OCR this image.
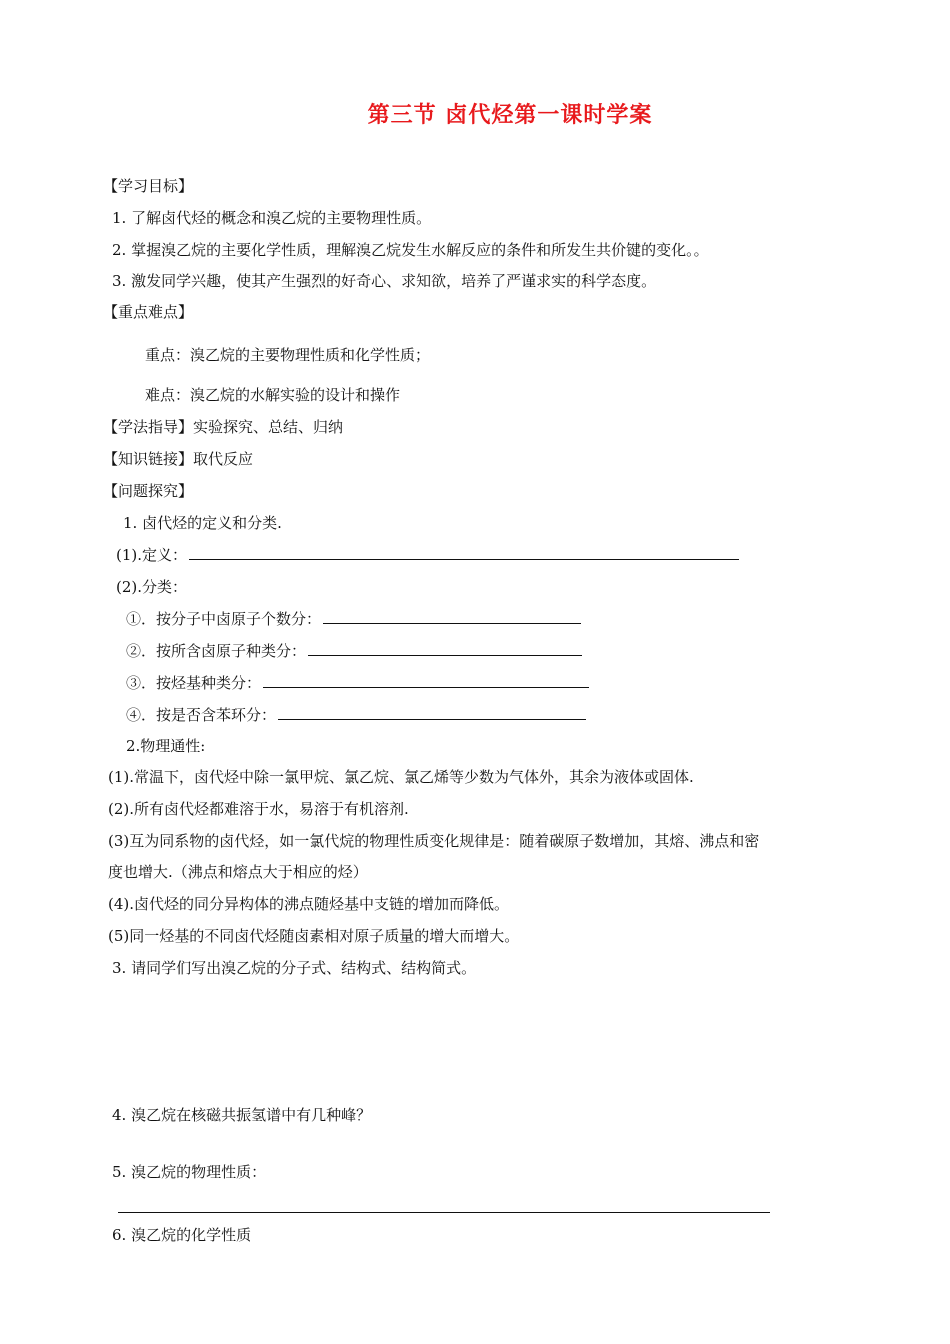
第三节 卤代烃第一课时学案
【学习目标】
1. 了解卤代烃的概念和溴乙烷的主要物理性质。
2. 掌握溴乙烷的主要化学性质，理解溴乙烷发生水解反应的条件和所发生共价键的变化。。
3. 激发同学兴趣，使其产生强烈的好奇心、求知欲，培养了严谨求实的科学态度。
【重点难点】
重点：溴乙烷的主要物理性质和化学性质；
难点：溴乙烷的水解实验的设计和操作
【学法指导】实验探究、总结、归纳
【知识链接】取代反应
【问题探究】
1. 卤代烃的定义和分类.
(1).定义：
(2).分类：
①．按分子中卤原子个数分：
②．按所含卤原子种类分：
③．按烃基种类分：
④．按是否含苯环分：
2.物理通性:
(1).常温下，卤代烃中除一氯甲烷、氯乙烷、氯乙烯等少数为气体外，其余为液体或固体.
(2).所有卤代烃都难溶于水，易溶于有机溶剂.
(3)互为同系物的卤代烃，如一氯代烷的物理性质变化规律是：随着碳原子数增加，其熔、沸点和密
度也增大.（沸点和熔点大于相应的烃）
(4).卤代烃的同分异构体的沸点随烃基中支链的增加而降低。
(5)同一烃基的不同卤代烃随卤素相对原子质量的增大而增大。
3. 请同学们写出溴乙烷的分子式、结构式、结构简式。
4. 溴乙烷在核磁共振氢谱中有几种峰？
5. 溴乙烷的物理性质：
6. 溴乙烷的化学性质
